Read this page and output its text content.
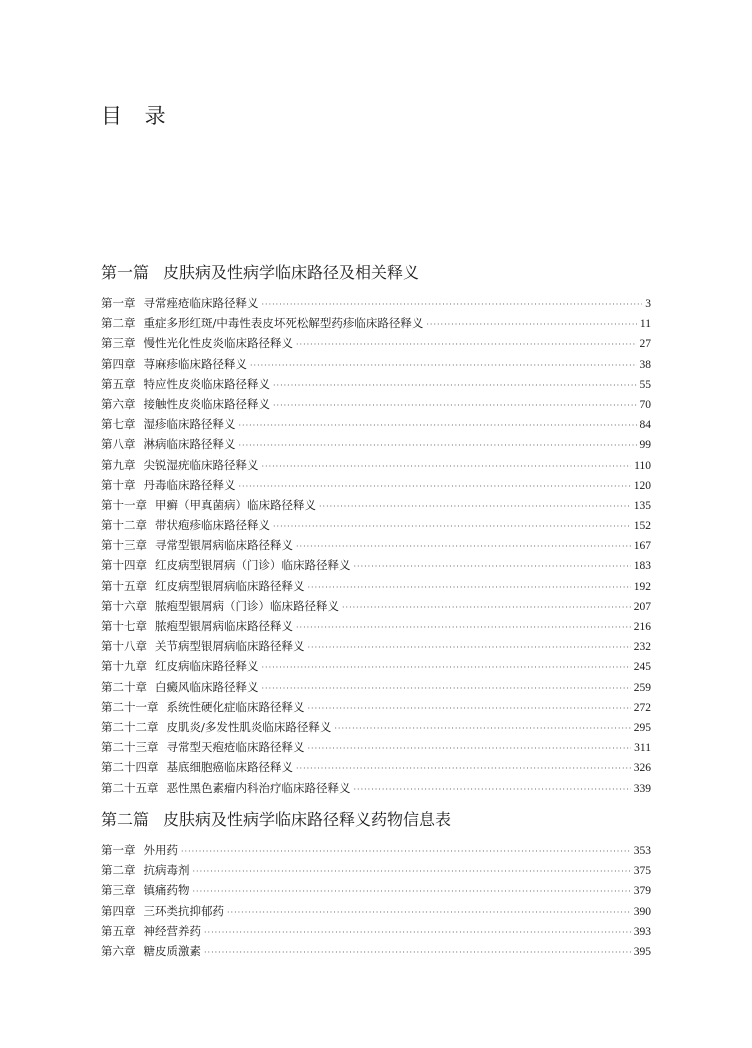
目 录
第一篇 皮肤病及性病学临床路径及相关释义
第一章 寻常痤疮临床路径释义 ·····	3
第二章 重症多形红斑/中毒性表皮坏死松解型药疹临床路径释义 ·····	11
第三章 慢性光化性皮炎临床路径释义 ·····	27
第四章 荨麻疹临床路径释义 ·····	38
第五章 特应性皮炎临床路径释义 ·····	55
第六章 接触性皮炎临床路径释义 ·····	70
第七章 湿疹临床路径释义 ·····	84
第八章 淋病临床路径释义 ·····	99
第九章 尖锐湿疣临床路径释义 ·····	110
第十章 丹毒临床路径释义 ·····	120
第十一章 甲癣（甲真菌病）临床路径释义 ·····	135
第十二章 带状疱疹临床路径释义 ·····	152
第十三章 寻常型银屑病临床路径释义 ·····	167
第十四章 红皮病型银屑病（门诊）临床路径释义 ·····	183
第十五章 红皮病型银屑病临床路径释义 ·····	192
第十六章 脓疱型银屑病（门诊）临床路径释义 ·····	207
第十七章 脓疱型银屑病临床路径释义 ·····	216
第十八章 关节病型银屑病临床路径释义 ·····	232
第十九章 红皮病临床路径释义 ·····	245
第二十章 白癜风临床路径释义 ·····	259
第二十一章 系统性硬化症临床路径释义 ·····	272
第二十二章 皮肌炎/多发性肌炎临床路径释义 ·····	295
第二十三章 寻常型天疱疮临床路径释义 ·····	311
第二十四章 基底细胞癌临床路径释义 ·····	326
第二十五章 恶性黑色素瘤内科治疗临床路径释义 ·····	339
第二篇 皮肤病及性病学临床路径释义药物信息表
第一章 外用药 ·····	353
第二章 抗病毒剂 ·····	375
第三章 镇痛药物 ·····	379
第四章 三环类抗抑郁药 ·····	390
第五章 神经营养药 ·····	393
第六章 糖皮质激素 ·····	395
